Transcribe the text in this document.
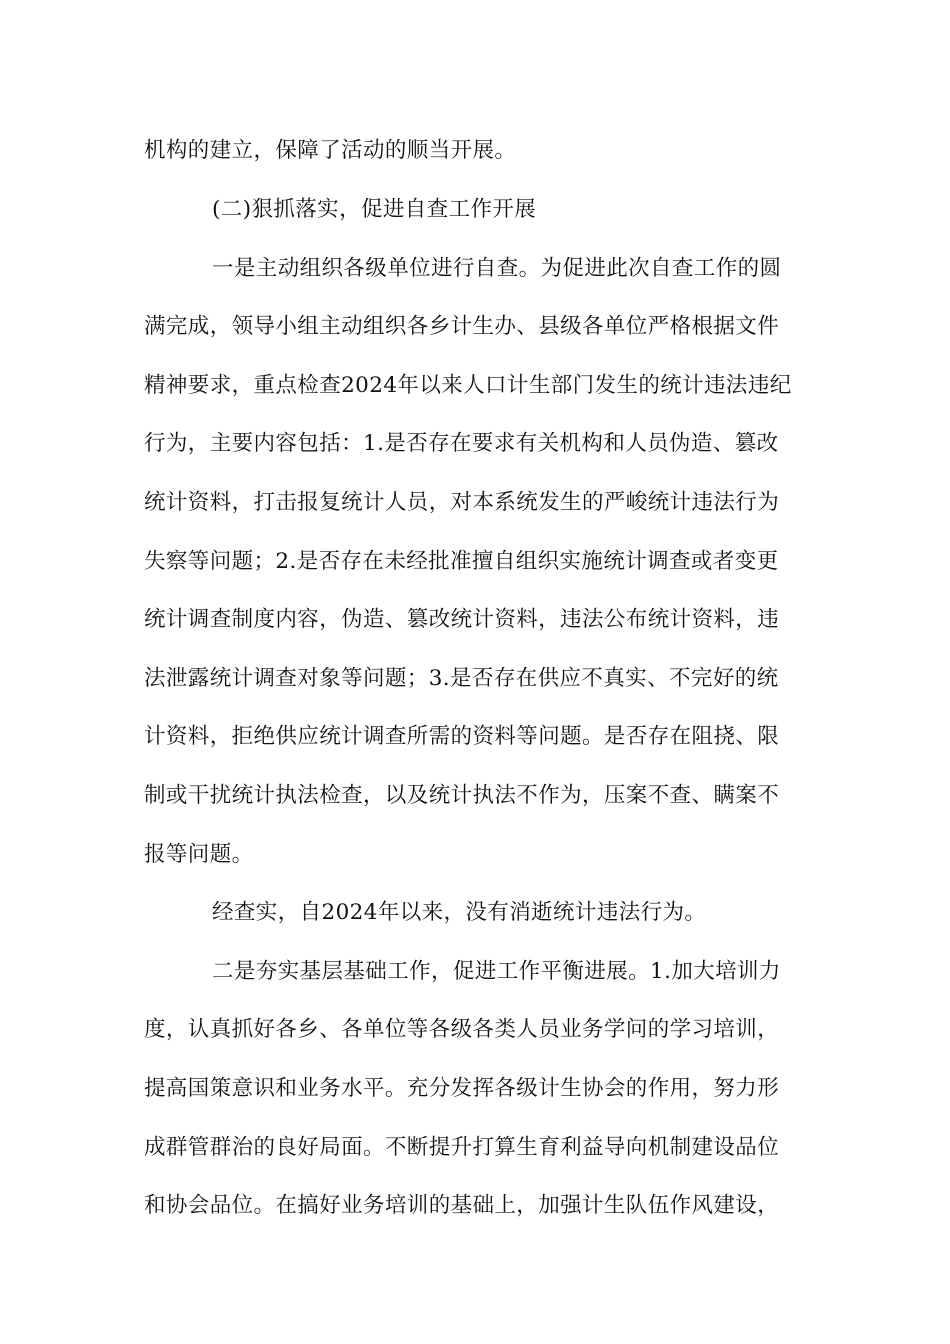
机构的建立，保障了活动的顺当开展。
(二)狠抓落实，促进自查工作开展
一是主动组织各级单位进行自查。为促进此次自查工作的圆
满完成，领导小组主动组织各乡计生办、县级各单位严格根据文件
精神要求，重点检查2024年以来人口计生部门发生的统计违法违纪
行为，主要内容包括：1.是否存在要求有关机构和人员伪造、篡改
统计资料，打击报复统计人员，对本系统发生的严峻统计违法行为
失察等问题；2.是否存在未经批准擅自组织实施统计调查或者变更
统计调查制度内容，伪造、篡改统计资料，违法公布统计资料，违
法泄露统计调查对象等问题；3.是否存在供应不真实、不完好的统
计资料，拒绝供应统计调查所需的资料等问题。是否存在阻挠、限
制或干扰统计执法检查，以及统计执法不作为，压案不查、瞒案不
报等问题。
经查实，自2024年以来，没有消逝统计违法行为。
二是夯实基层基础工作，促进工作平衡进展。1.加大培训力
度，认真抓好各乡、各单位等各级各类人员业务学问的学习培训，
提高国策意识和业务水平。充分发挥各级计生协会的作用，努力形
成群管群治的良好局面。不断提升打算生育利益导向机制建设品位
和协会品位。在搞好业务培训的基础上，加强计生队伍作风建设，
